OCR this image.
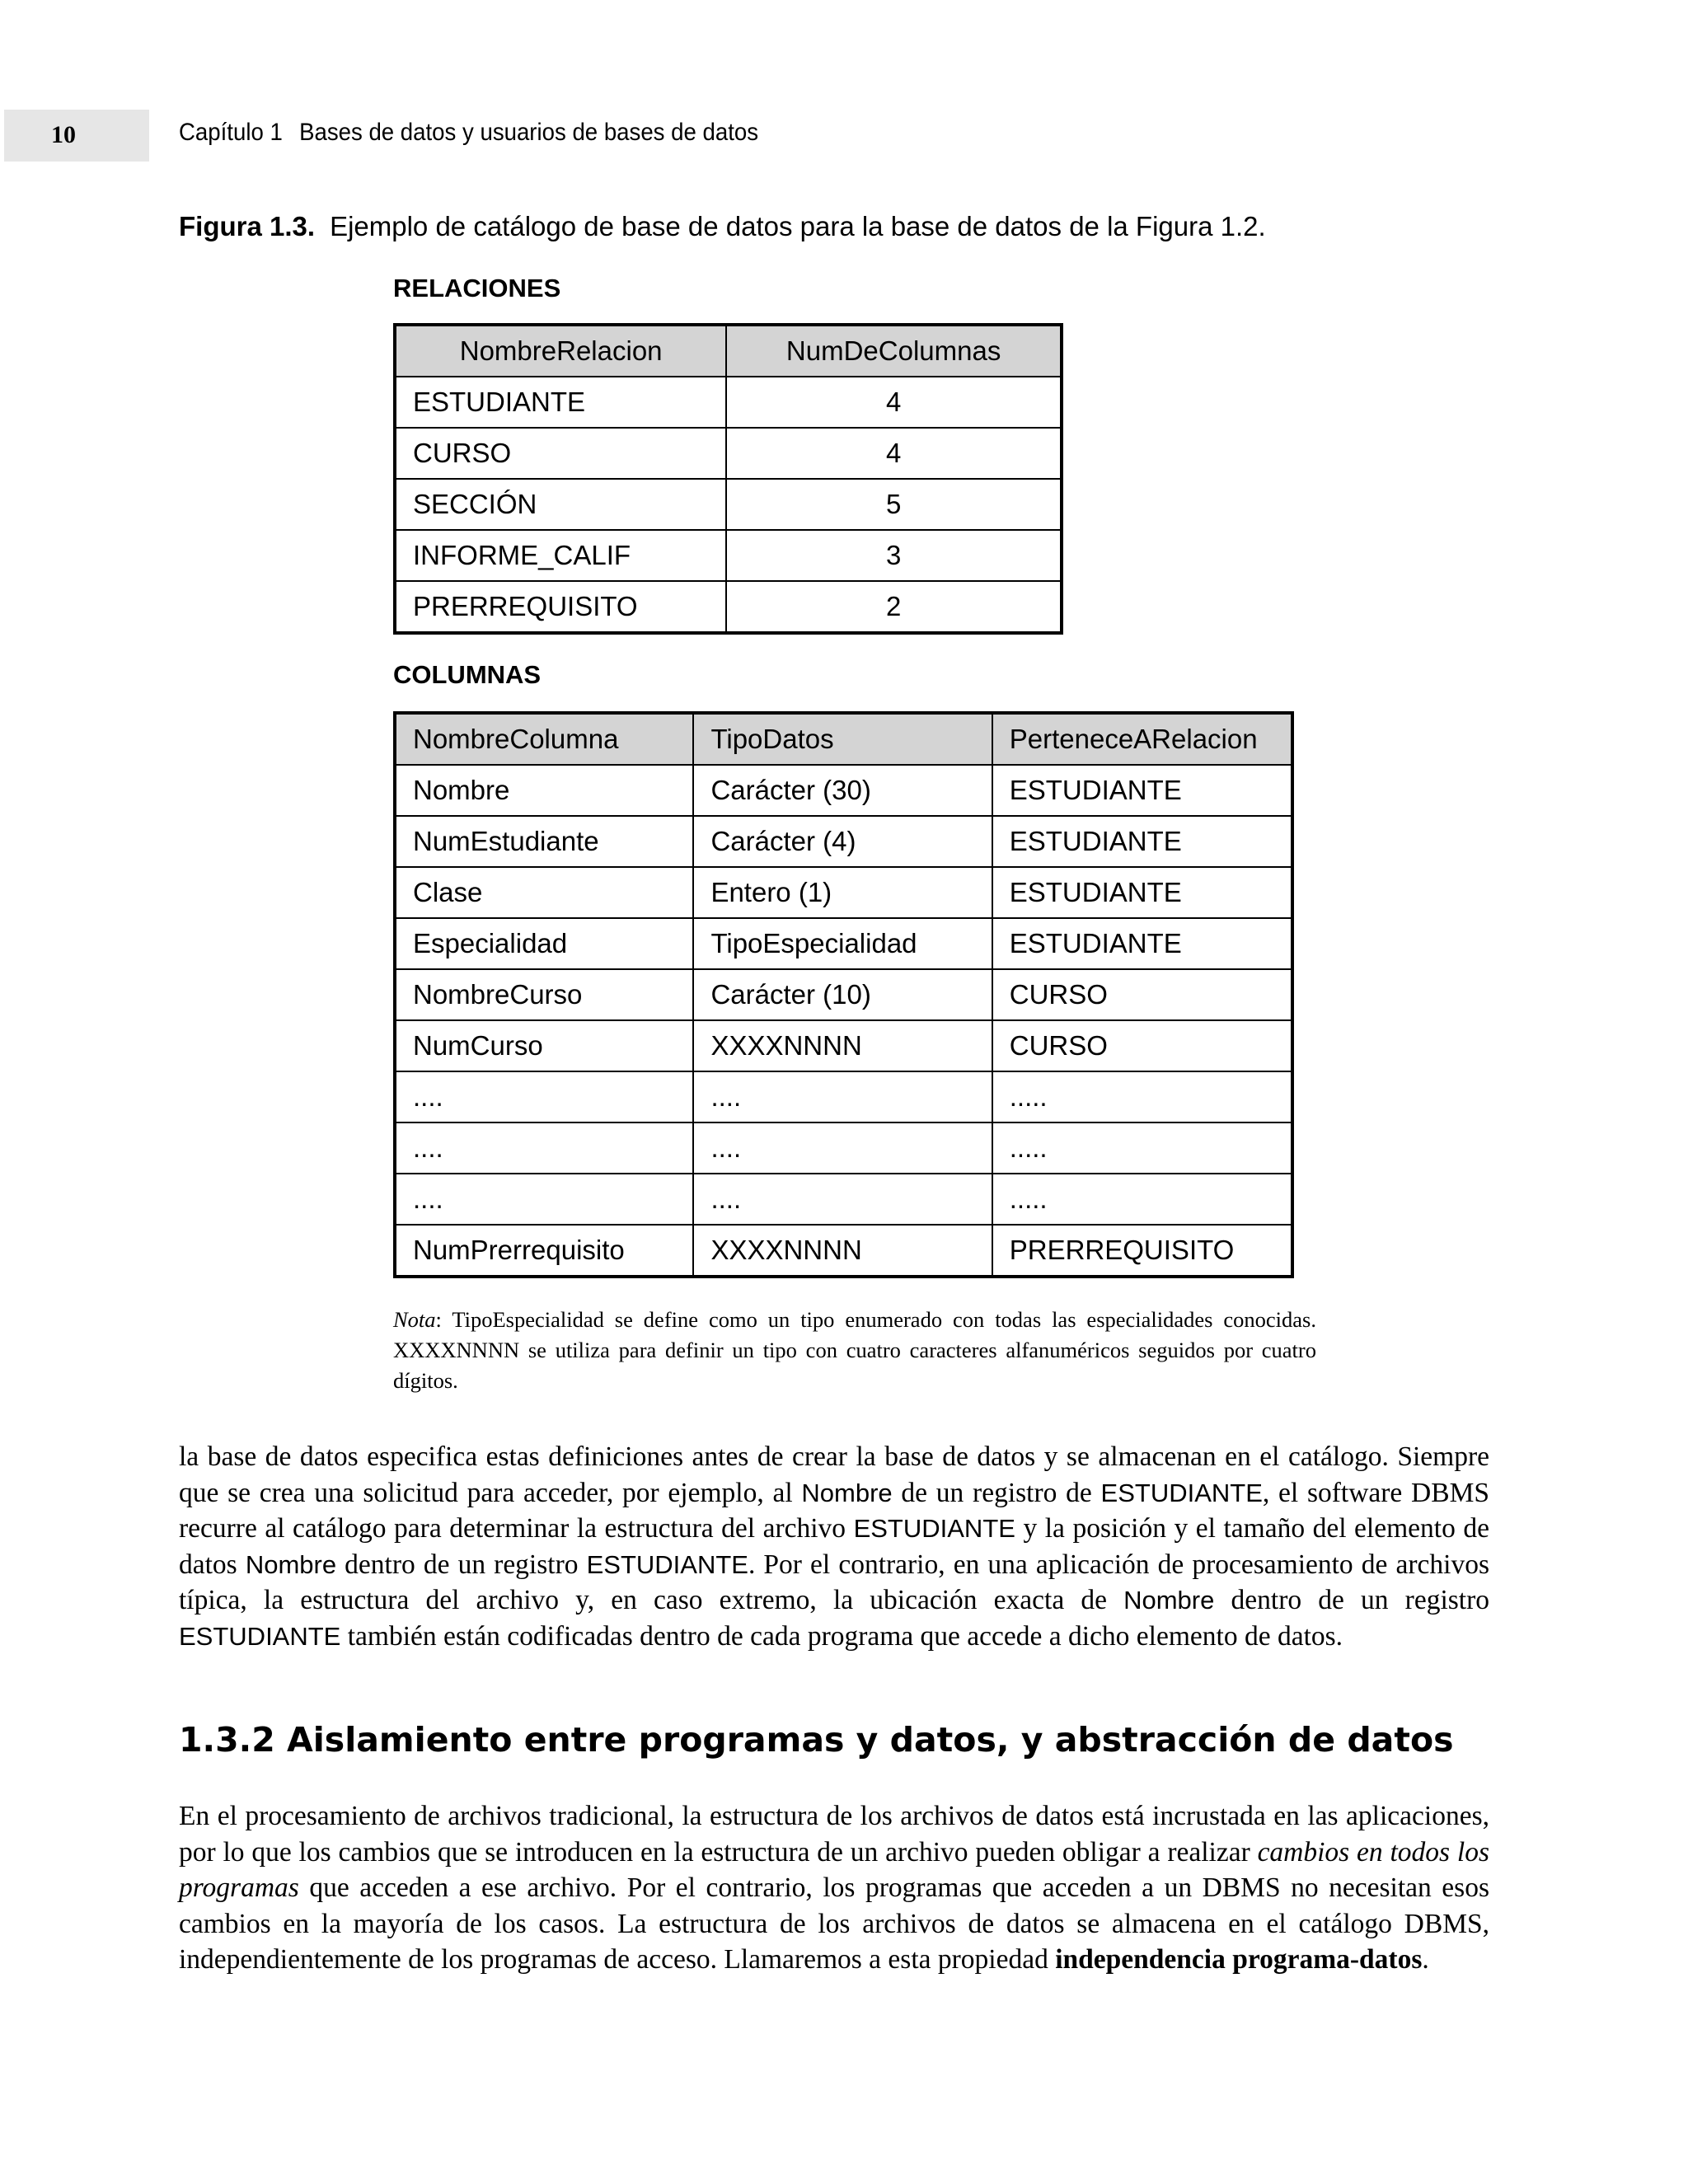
10	Capítulo 1 Bases de datos y usuarios de bases de datos
Figura 1.3. Ejemplo de catálogo de base de datos para la base de datos de la Figura 1.2.
RELACIONES
NombreRelacion	NumDeColumnas
ESTUDIANTE	4
CURSO	4
SECCIÓN	5
INFORME_CALIF	3
PRERREQUISITO	2
COLUMNAS
NombreColumna	TipoDatos	PerteneceARelacion
Nombre	Carácter (30)	ESTUDIANTE
NumEstudiante	Carácter (4)	ESTUDIANTE
Clase	Entero (1)	ESTUDIANTE
Especialidad	TipoEspecialidad	ESTUDIANTE
NombreCurso	Carácter (10)	CURSO
NumCurso	XXXXNNNN	CURSO
....	....	.....
....	....	.....
....	....	.....
NumPrerrequisito	XXXXNNNN	PRERREQUISITO
Nota: TipoEspecialidad se define como un tipo enumerado con todas las especialidades conocidas. XXXXNNNN se utiliza para definir un tipo con cuatro caracteres alfanuméricos seguidos por cuatro dígitos.

la base de datos especifica estas definiciones antes de crear la base de datos y se almacenan en el catálogo. Siempre que se crea una solicitud para acceder, por ejemplo, al Nombre de un registro de ESTUDIANTE, el software DBMS recurre al catálogo para determinar la estructura del archivo ESTUDIANTE y la posición y el tamaño del elemento de datos Nombre dentro de un registro ESTUDIANTE. Por el contrario, en una aplicación de procesamiento de archivos típica, la estructura del archivo y, en caso extremo, la ubicación exacta de Nombre dentro de un registro ESTUDIANTE también están codificadas dentro de cada programa que accede a dicho elemento de datos.

1.3.2 Aislamiento entre programas y datos, y abstracción de datos

En el procesamiento de archivos tradicional, la estructura de los archivos de datos está incrustada en las aplicaciones, por lo que los cambios que se introducen en la estructura de un archivo pueden obligar a realizar cambios en todos los programas que acceden a ese archivo. Por el contrario, los programas que acceden a un DBMS no necesitan esos cambios en la mayoría de los casos. La estructura de los archivos de datos se almacena en el catálogo DBMS, independientemente de los programas de acceso. Llamaremos a esta propiedad independencia programa-datos.
